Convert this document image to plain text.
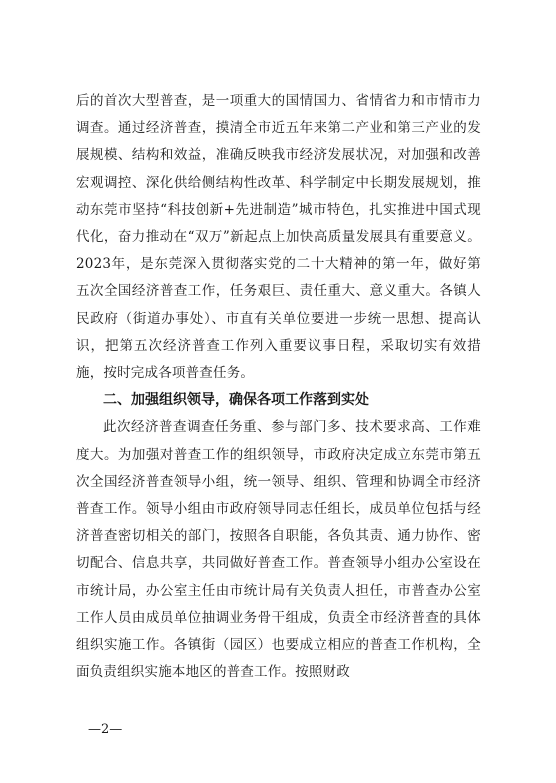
后的首次大型普查，是一项重大的国情国力、省情省力和市情市力调查。通过经济普查，摸清全市近五年来第二产业和第三产业的发展规模、结构和效益，准确反映我市经济发展状况，对加强和改善宏观调控、深化供给侧结构性改革、科学制定中长期发展规划，推动东莞市坚持“科技创新+先进制造”城市特色，扎实推进中国式现代化，奋力推动在“双万”新起点上加快高质量发展具有重要意义。2023年，是东莞深入贯彻落实党的二十大精神的第一年，做好第五次全国经济普查工作，任务艰巨、责任重大、意义重大。各镇人民政府（街道办事处）、市直有关单位要进一步统一思想、提高认识，把第五次经济普查工作列入重要议事日程，采取切实有效措施，按时完成各项普查任务。

二、加强组织领导，确保各项工作落到实处

此次经济普查调查任务重、参与部门多、技术要求高、工作难度大。为加强对普查工作的组织领导，市政府决定成立东莞市第五次全国经济普查领导小组，统一领导、组织、管理和协调全市经济普查工作。领导小组由市政府领导同志任组长，成员单位包括与经济普查密切相关的部门，按照各自职能，各负其责、通力协作、密切配合、信息共享，共同做好普查工作。普查领导小组办公室设在市统计局，办公室主任由市统计局有关负责人担任，市普查办公室工作人员由成员单位抽调业务骨干组成，负责全市经济普查的具体组织实施工作。各镇街（园区）也要成立相应的普查工作机构，全面负责组织实施本地区的普查工作。按照财政

—2—
